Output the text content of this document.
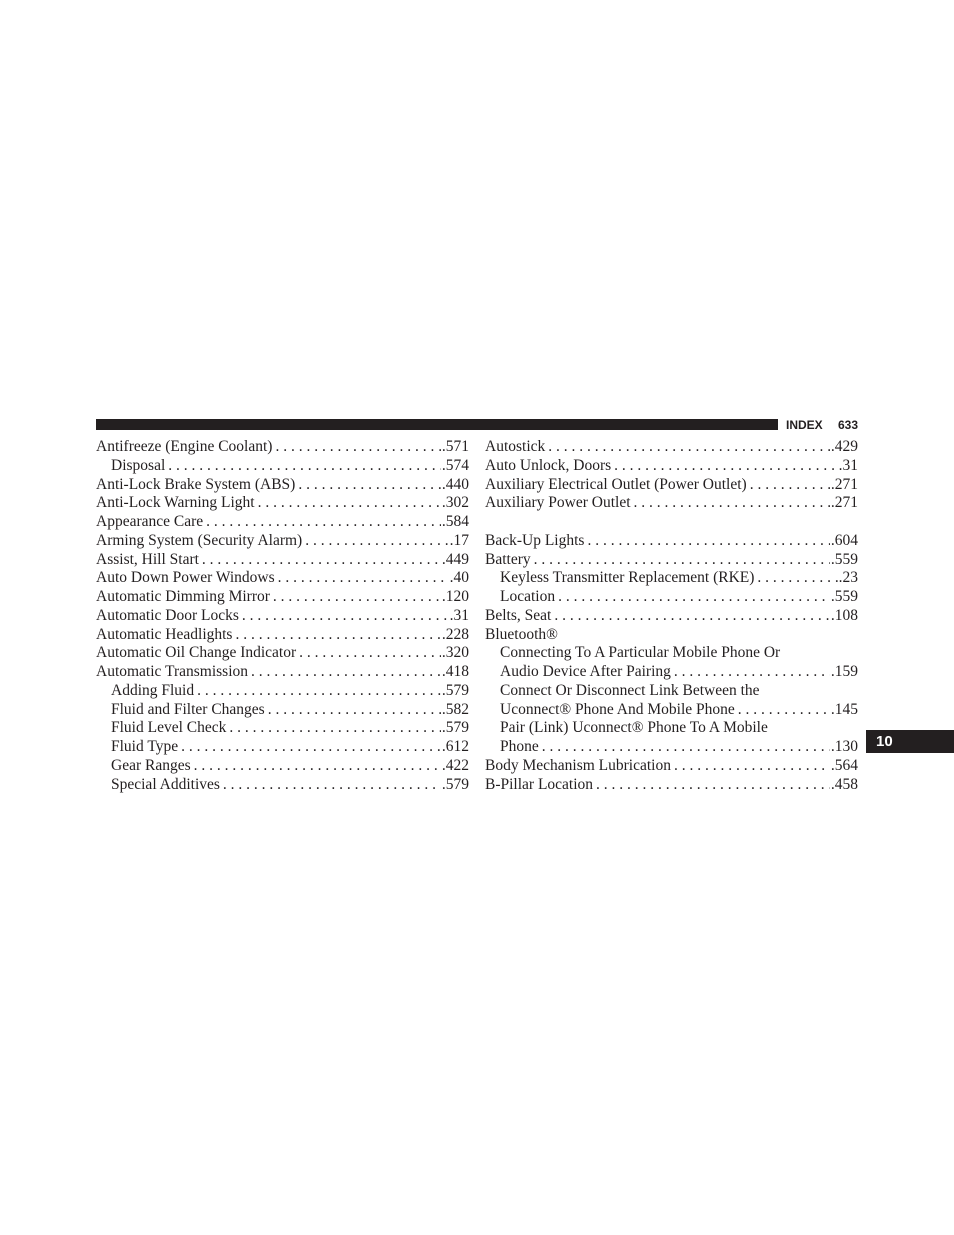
INDEX 633
Antifreeze (Engine Coolant) . . .	.571
Disposal . . .	.574
Anti-Lock Brake System (ABS) . . .	.440
Anti-Lock Warning Light . . .	.302
Appearance Care . . .	.584
Arming System (Security Alarm) . . .	.17
Assist, Hill Start . . .	.449
Auto Down Power Windows . . .	.40
Automatic Dimming Mirror . . .	.120
Automatic Door Locks . . .	.31
Automatic Headlights . . .	.228
Automatic Oil Change Indicator . . .	.320
Automatic Transmission . . .	.418
Adding Fluid . . .	.579
Fluid and Filter Changes . . .	.582
Fluid Level Check . . .	.579
Fluid Type . . .	.612
Gear Ranges . . .	.422
Special Additives . . .	.579
Autostick . . .	.429
Auto Unlock, Doors . . .	.31
Auxiliary Electrical Outlet (Power Outlet) . . .	.271
Auxiliary Power Outlet . . .	.271
Back-Up Lights . . .	.604
Battery . . .	.559
Keyless Transmitter Replacement (RKE) . . .	.23
Location . . .	.559
Belts, Seat . . .	.108
Bluetooth®
Connecting To A Particular Mobile Phone Or
Audio Device After Pairing . . .	.159
Connect Or Disconnect Link Between the
Uconnect® Phone And Mobile Phone . . .	.145
Pair (Link) Uconnect® Phone To A Mobile
Phone . . .	.130
Body Mechanism Lubrication . . .	.564
B-Pillar Location . . .	.458
10
